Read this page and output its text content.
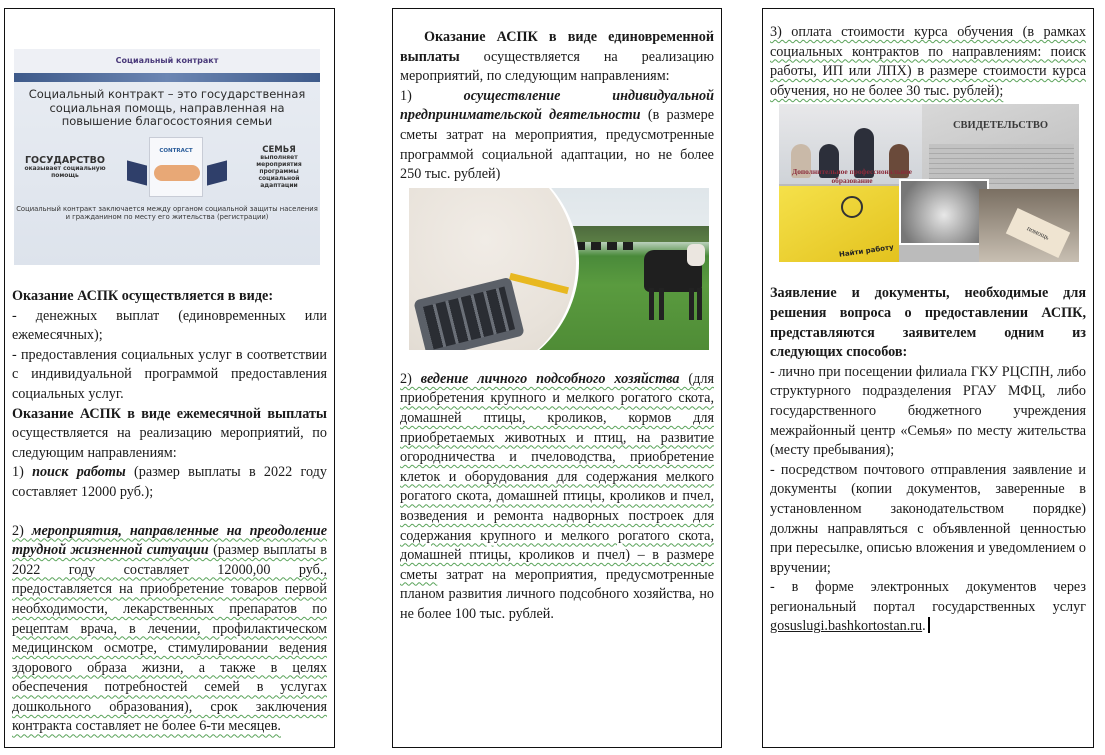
Социальный контракт
Социальный контракт – это государственная социальная помощь, направленная на повышение благосостояния семьи
ГОСУДАРСТВО
оказывает социальную помощь
CONTRACT	СЕМЬЯ
выполняет мероприятия программы социальной адаптации
Социальный контракт заключается между органом социальной защиты населения и гражданином по месту его жительства (регистрации)

Оказание АСПК осуществляется в виде:

- денежных выплат (единовременных или ежемесячных);

- предоставления социальных услуг в соответствии с индивидуальной программой предоставления социальных услуг.

Оказание АСПК в виде ежемесячной выплаты осуществляется на реализацию мероприятий, по следующим направлениям:

1) поиск работы (размер выплаты в 2022 году составляет 12000 руб.);

2) мероприятия, направленные на преодоление трудной жизненной ситуации (размер выплаты в 2022 году составляет 12000,00 руб., предоставляется на приобретение товаров первой необходимости, лекарственных препаратов по рецептам врача, в лечении, профилактическом медицинском осмотре, стимулировании ведения здорового образа жизни, а также в целях обеспечения потребностей семей в услугах дошкольного образования), срок заключения контракта составляет не более 6-ти месяцев.

Оказание АСПК в виде единовременной выплаты осуществляется на реализацию мероприятий, по следующим направлениям:

1) осуществление индивидуальной предпринимательской деятельности (в размере сметы затрат на мероприятия, предусмотренные программой социальной адаптации, но не более 250 тыс. рублей)

2) ведение личного подсобного хозяйства (для приобретения крупного и мелкого рогатого скота, домашней птицы, кроликов, кормов для приобретаемых животных и птиц, на развитие огородничества и пчеловодства, приобретение клеток и оборудования для содержания мелкого рогатого скота, домашней птицы, кроликов и пчел, возведения и ремонта надворных построек для содержания крупного и мелкого рогатого скота, домашней птицы, кроликов и пчел) – в размере сметы затрат на мероприятия, предусмотренные планом развития личного подсобного хозяйства, но не более 100 тыс. рублей.

3) оплата стоимости курса обучения (в рамках социальных контрактов по направлениям: поиск работы, ИП или ЛПХ) в размере стоимости курса обучения, но не более 30 тыс. рублей);

СВИДЕТЕЛЬСТВО
Дополнительное профессиональное образование
Найти работу
помощь

Заявление и документы, необходимые для решения вопроса о предоставлении АСПК, представляются заявителем одним из следующих способов:

- лично при посещении филиала ГКУ РЦСПН, либо структурного подразделения РГАУ МФЦ, либо государственного бюджетного учреждения межрайонный центр «Семья» по месту жительства (месту пребывания);

- посредством почтового отправления заявление и документы (копии документов, заверенные в установленном законодательством порядке) должны направляться с объявленной ценностью при пересылке, описью вложения и уведомлением о вручении;

- в форме электронных документов через региональный портал государственных услуг gosuslugi.bashkortostan.ru.
